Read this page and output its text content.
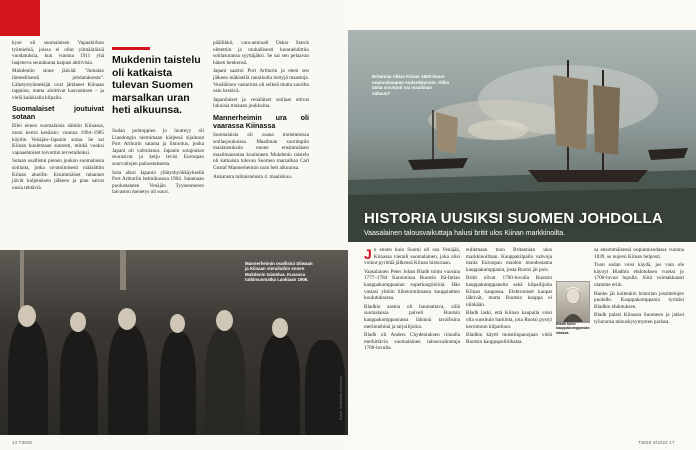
kyse oli suomalaisen Vapaakirkon työmiehiä, joissa ei ollut ylimääräisiä vuodatuksia, kun vuonna 1911 yhä laajeneva seurakunta kaipasi aktiivisia.

Mukdeniin sinne jäävää: "Jumalan ihmeellisestä johdatuksesta". Lähetystyöntekijät ovat jättäneet Kiinaan tappiota, mutta aloittivat kasvamisen – ja vielä kaikkialla kilpailu.

Suomalaiset joutuivat sotaan

Ellei ennen suomalaisia nähtiin Kiinassa, moni kertoi kesäisin: vuonna 1904–1905 käytiin Venäjän–Japanin sotaa. Se sai Kiinan kuulemaan suuresti, minkä vuoksi vapaaehtoiset toivottiin tervetulleiksi.

Sotaan osallistui pienen joukon suomalaisia sotilaita, jotka sivutoimisesti määrättiin Kiinan alueille. Ensimmäiset tuhannet jäivät kuljetuksen jälkeen ja pian saivat uusia tehtäviä.

Mukdenin taistelu oli katkaista tulevan Suomen marsalkan uran heti alkuunsa.

Sodan pohtoppien jo luutteyy oli Liaodongin niemimaan kärjessä sijainnut Port Arthurin satama ja linnoitus, jonka Japani oli valloitanut. Japanin sotajoukot seurasivat ja ketju levisi Euroopan suurvaltojen painostuksesta.

Sota alkoi Japanin yllätyshyökkäyksellä Port Arthuriin helmikuussa 1904. Satamaan puolustaneen Venäjän Tyynenmeren laivaston menetys oli suuri.

päällikkö, vara-amiraali Oskar Starck oletettiin ja rauhallisesti luonnehdittiin sotilasuransa syyttäjäksi. Se sai sen pelaavan hänen henkensä.

Japani saartoi Port Arthurin ja eteni sen jälkeen mäkisellä rannikolla tiettyjä maastoja. Venäläinen vastarinta oli selkeä mutta suurilta osin kestävä.

Japanilaiset ja venäläiset sotilaat ottivat lukuisia mukaan joukkoina.

Mannerheimin ura oli vaarassa Kiinassa

Suomalaisia oli osana molemmissa sotilasjoukoissa. Maailman suurimpiin maalaistuksiin ennen ensimmäisen maailmansotaa kuuluneen Mukdenin taistelu oli katkaista tulevan Suomen marsalkan Carl Gustaf Mannerheimin uran heti alkuunsa.

Ankarasta tulitaistelusta 4. maaliskuu.

Mannerheimin osallistui Siiwaan ja Kiinaan vierailuihin ennen Mukdenin taistelua. Kuvassa tutkimusmatka Lankiaan 1906.
Kuvat: Wikimedia Commons
14 TIEDE
Britannia rikkoi Kiinan 1600-luvun oopiumkaupan sodankäynnin. Oliko tämä sivutunti vai maailman valtaus?
HISTORIA UUSIKSI SUOMEN JOHDOLLA
Vaasalainen talousvaikuttaja halusi britit ulos Kiinan markkinoilta.

Jo ennen kuin Suomi oli osa Venäjää, Kiinassa vieraili suomalainen, joka olisi voinut pyrittää jälkensä Kiinan historiaan.

Vaasalainen Peter Johan Bladh toimi vuosina 1777–1784 Kantonissa Ruotsin Itä-Intian kauppakomppanian superkargöörinä. Hän vastasi yhtiön liiketoiminnasta kauppiaitten koulutuksessa.

Bladhin asema oli huomattava, sillä suomalaisia palveli Ruotsin kauppakomppaniassa lähinnä tavallisina merimiehinä ja tarjoilijoina.

Bladh oli Anders Chydeniuksen rinnalla merkittävin suomalainen talousvaikuttaja 1700-luvulla.

euliemaan toon Britannian ulos markkinoiltaan. Kauppakilpailu vahvoja maita Euroopan maiden muodostama kauppakomppania, josta Ruotsi jäi pois.

Britit olivat 1700-luvulla Ruotsin kauppakumppaneita sekä kilpailijoita Kiinan kaupassa. Elektroniset kaupat lähtivät, mutta Ruotsin kauppa ei niinkään.

Bladh laski, että Kiinan kaupalla voisi olla suosituin harkinta, jota Ruotsi pystyi kerrottuun kilpailuun.

Bladhin käytti muistiinpanojaan vielä Ruotsin kauppapolitiikasta.

Bladh toimi kauppakomppanian virassa.

sa ensimmäisessä oopiumisodassa vuonna 1839, se nujersi Kiinan helposti.

Tuon sodan voisi käydä, jos vain ole käynyt Bladhin ehdotuksen vuoksi jo 1700-luvun lopulla. Siitä voimakkaasti otamme eriin.

Hanke jäi kuitenkin historian jossittelujen puolelle. Kauppakomppania tyrmäsi Bladhin ehdotuksen.

Bladh palasi Kiinasta Suomeen ja jatkoi työuransa talouskysymysten parissa.

TIEDE 6/2022 17
